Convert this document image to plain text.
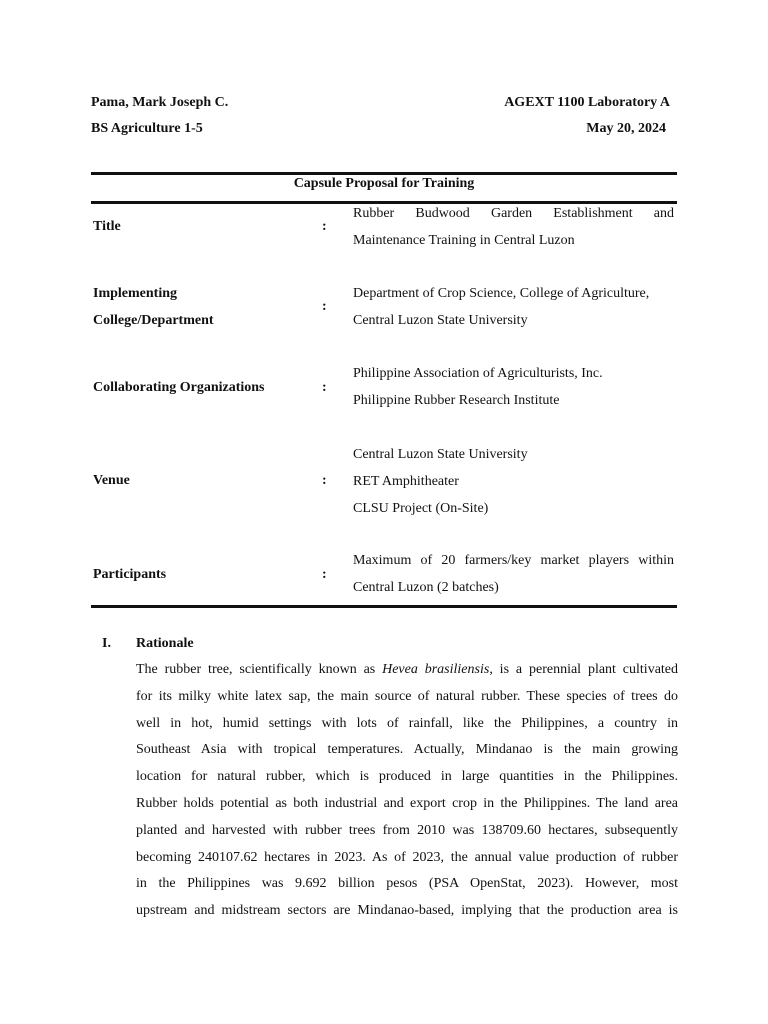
Pama, Mark Joseph C.
BS Agriculture 1-5
AGEXT 1100 Laboratory A
May 20, 2024
Capsule Proposal for Training
Title	:
Rubber Budwood Garden Establishment and
Maintenance Training in Central Luzon
Implementing
College/Department
:
Department of Crop Science, College of Agriculture,
Central Luzon State University
Collaborating Organizations	:
Philippine Association of Agriculturists, Inc.
Philippine Rubber Research Institute
Venue	:
Central Luzon State University
RET Amphitheater
CLSU Project (On-Site)
Participants	:
Maximum of 20 farmers/key market players within
Central Luzon (2 batches)
I. Rationale
The rubber tree, scientifically known as Hevea brasiliensis, is a perennial plant cultivated
for its milky white latex sap, the main source of natural rubber. These species of trees do
well in hot, humid settings with lots of rainfall, like the Philippines, a country in
Southeast Asia with tropical temperatures. Actually, Mindanao is the main growing
location for natural rubber, which is produced in large quantities in the Philippines.
Rubber holds potential as both industrial and export crop in the Philippines. The land area
planted and harvested with rubber trees from 2010 was 138709.60 hectares, subsequently
becoming 240107.62 hectares in 2023. As of 2023, the annual value production of rubber
in the Philippines was 9.692 billion pesos (PSA OpenStat, 2023). However, most
upstream and midstream sectors are Mindanao-based, implying that the production area is
